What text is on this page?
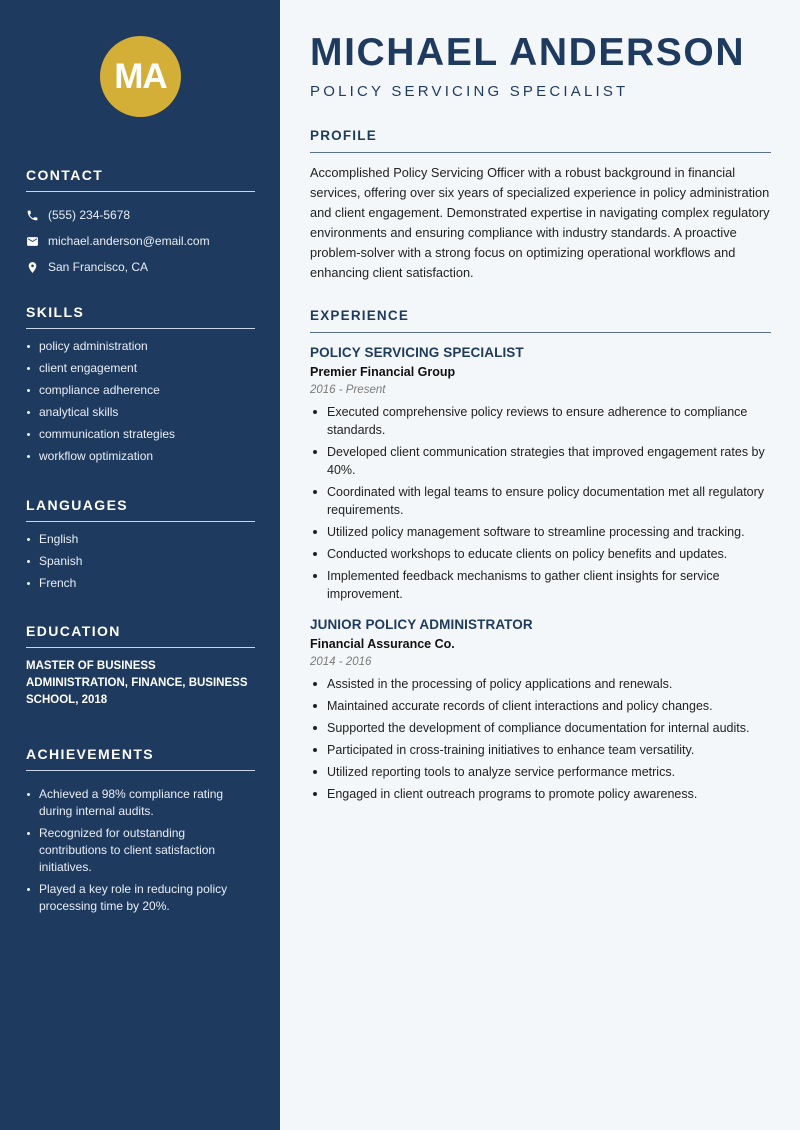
MA
CONTACT
(555) 234-5678
michael.anderson@email.com
San Francisco, CA
SKILLS
policy administration
client engagement
compliance adherence
analytical skills
communication strategies
workflow optimization
LANGUAGES
English
Spanish
French
EDUCATION

MASTER OF BUSINESS ADMINISTRATION, FINANCE, BUSINESS SCHOOL, 2018

ACHIEVEMENTS
Achieved a 98% compliance rating during internal audits.
Recognized for outstanding contributions to client satisfaction initiatives.
Played a key role in reducing policy processing time by 20%.
MICHAEL ANDERSON
POLICY SERVICING SPECIALIST
PROFILE

Accomplished Policy Servicing Officer with a robust background in financial services, offering over six years of specialized experience in policy administration and client engagement. Demonstrated expertise in navigating complex regulatory environments and ensuring compliance with industry standards. A proactive problem-solver with a strong focus on optimizing operational workflows and enhancing client satisfaction.

EXPERIENCE
POLICY SERVICING SPECIALIST
Premier Financial Group
2016 - Present
Executed comprehensive policy reviews to ensure adherence to compliance standards.
Developed client communication strategies that improved engagement rates by 40%.
Coordinated with legal teams to ensure policy documentation met all regulatory requirements.
Utilized policy management software to streamline processing and tracking.
Conducted workshops to educate clients on policy benefits and updates.
Implemented feedback mechanisms to gather client insights for service improvement.
JUNIOR POLICY ADMINISTRATOR
Financial Assurance Co.
2014 - 2016
Assisted in the processing of policy applications and renewals.
Maintained accurate records of client interactions and policy changes.
Supported the development of compliance documentation for internal audits.
Participated in cross-training initiatives to enhance team versatility.
Utilized reporting tools to analyze service performance metrics.
Engaged in client outreach programs to promote policy awareness.
